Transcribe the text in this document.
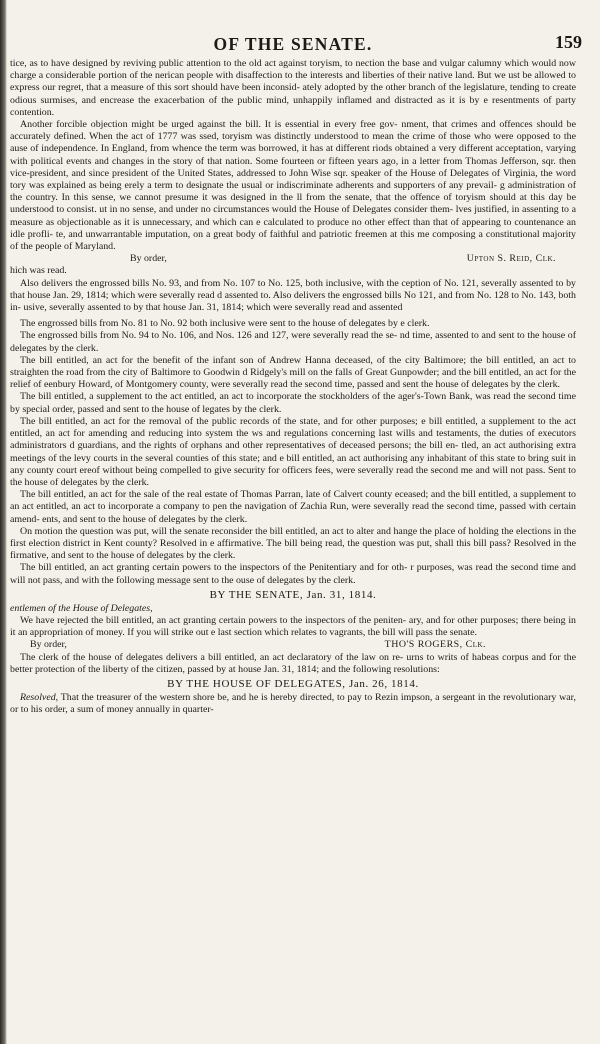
OF THE SENATE.	159

tice, as to have designed by reviving public attention to the old act against toryism, to nection the base and vulgar calumny which would now charge a considerable portion of the nerican people with disaffection to the interests and liberties of their native land. But we ust be allowed to express our regret, that a measure of this sort should have been inconsid- ately adopted by the other branch of the legislature, tending to create odious surmises, and encrease the exacerbation of the public mind, unhappily inflamed and distracted as it is by e resentments of party contention.

Another forcible objection might be urged against the bill. It is essential in every free gov- nment, that crimes and offences should be accurately defined. When the act of 1777 was ssed, toryism was distinctly understood to mean the crime of those who were opposed to the ause of independence. In England, from whence the term was borrowed, it has at different riods obtained a very different acceptation, varying with political events and changes in the story of that nation. Some fourteen or fifteen years ago, in a letter from Thomas Jefferson, sqr. then vice-president, and since president of the United States, addressed to John Wise sqr. speaker of the House of Delegates of Virginia, the word tory was explained as being erely a term to designate the usual or indiscriminate adherents and supporters of any prevail- g administration of the country. In this sense, we cannot presume it was designed in the ll from the senate, that the offence of toryism should at this day be understood to consist. ut in no sense, and under no circumstances would the House of Delegates consider them- lves justified, in assenting to a measure as objectionable as it is unnecessary, and which can e calculated to produce no other effect than that of appearing to countenance an idle profli- te, and unwarrantable imputation, on a great body of faithful and patriotic freemen at this me composing a constitutional majority of the people of Maryland.

By order,	Upton S. Reid, Clk.

hich was read.

Also delivers the engrossed bills No. 93, and from No. 107 to No. 125, both inclusive, with the ception of No. 121, severally assented to by that house Jan. 29, 1814; which were severally read d assented to. Also delivers the engrossed bills No 121, and from No. 128 to No. 143, both in- usive, severally assented to by that house Jan. 31, 1814; which were severally read and assented

The engrossed bills from No. 81 to No. 92 both inclusive were sent to the house of delegates by e clerk.

The engrossed bills from No. 94 to No. 106, and Nos. 126 and 127, were severally read the se- nd time, assented to and sent to the house of delegates by the clerk.

The bill entitled, an act for the benefit of the infant son of Andrew Hanna deceased, of the city Baltimore; the bill entitled, an act to straighten the road from the city of Baltimore to Goodwin d Ridgely's mill on the falls of Great Gunpowder; and the bill entitled, an act for the relief of eenbury Howard, of Montgomery county, were severally read the second time, passed and sent the house of delegates by the clerk.

The bill entitled, a supplement to the act entitled, an act to incorporate the stockholders of the ager's-Town Bank, was read the second time by special order, passed and sent to the house of legates by the clerk.

The bill entitled, an act for the removal of the public records of the state, and for other purposes; e bill entitled, a supplement to the act entitled, an act for amending and reducing into system the ws and regulations concerning last wills and testaments, the duties of executors administrators d guardians, and the rights of orphans and other representatives of deceased persons; the bill en- tled, an act authorising extra meetings of the levy courts in the several counties of this state; and e bill entitled, an act authorising any inhabitant of this state to bring suit in any county court ereof without being compelled to give security for officers fees, were severally read the second me and will not pass. Sent to the house of delegates by the clerk.

The bill entitled, an act for the sale of the real estate of Thomas Parran, late of Calvert county eceased; and the bill entitled, a supplement to an act entitled, an act to incorporate a company to pen the navigation of Zachia Run, were severally read the second time, passed with certain amend- ents, and sent to the house of delegates by the clerk.

On motion the question was put, will the senate reconsider the bill entitled, an act to alter and hange the place of holding the elections in the first election district in Kent county? Resolved in e affirmative. The bill being read, the question was put, shall this bill pass? Resolved in the firmative, and sent to the house of delegates by the clerk.

The bill entitled, an act granting certain powers to the inspectors of the Penitentiary and for oth- r purposes, was read the second time and will not pass, and with the following message sent to the ouse of delegates by the clerk.

BY THE SENATE, Jan. 31, 1814.

entlemen of the House of Delegates,

We have rejected the bill entitled, an act granting certain powers to the inspectors of the peniten- ary, and for other purposes; there being in it an appropriation of money. If you will strike out e last section which relates to vagrants, the bill will pass the senate.

By order,	THO'S ROGERS, Clk.

The clerk of the house of delegates delivers a bill entitled, an act declaratory of the law on re- urns to writs of habeas corpus and for the better protection of the liberty of the citizen, passed by at house Jan. 31, 1814; and the following resolutions:

BY THE HOUSE OF DELEGATES, Jan. 26, 1814.

Resolved, That the treasurer of the western shore be, and he is hereby directed, to pay to Rezin impson, a sergeant in the revolutionary war, or to his order, a sum of money annually in quarter-
